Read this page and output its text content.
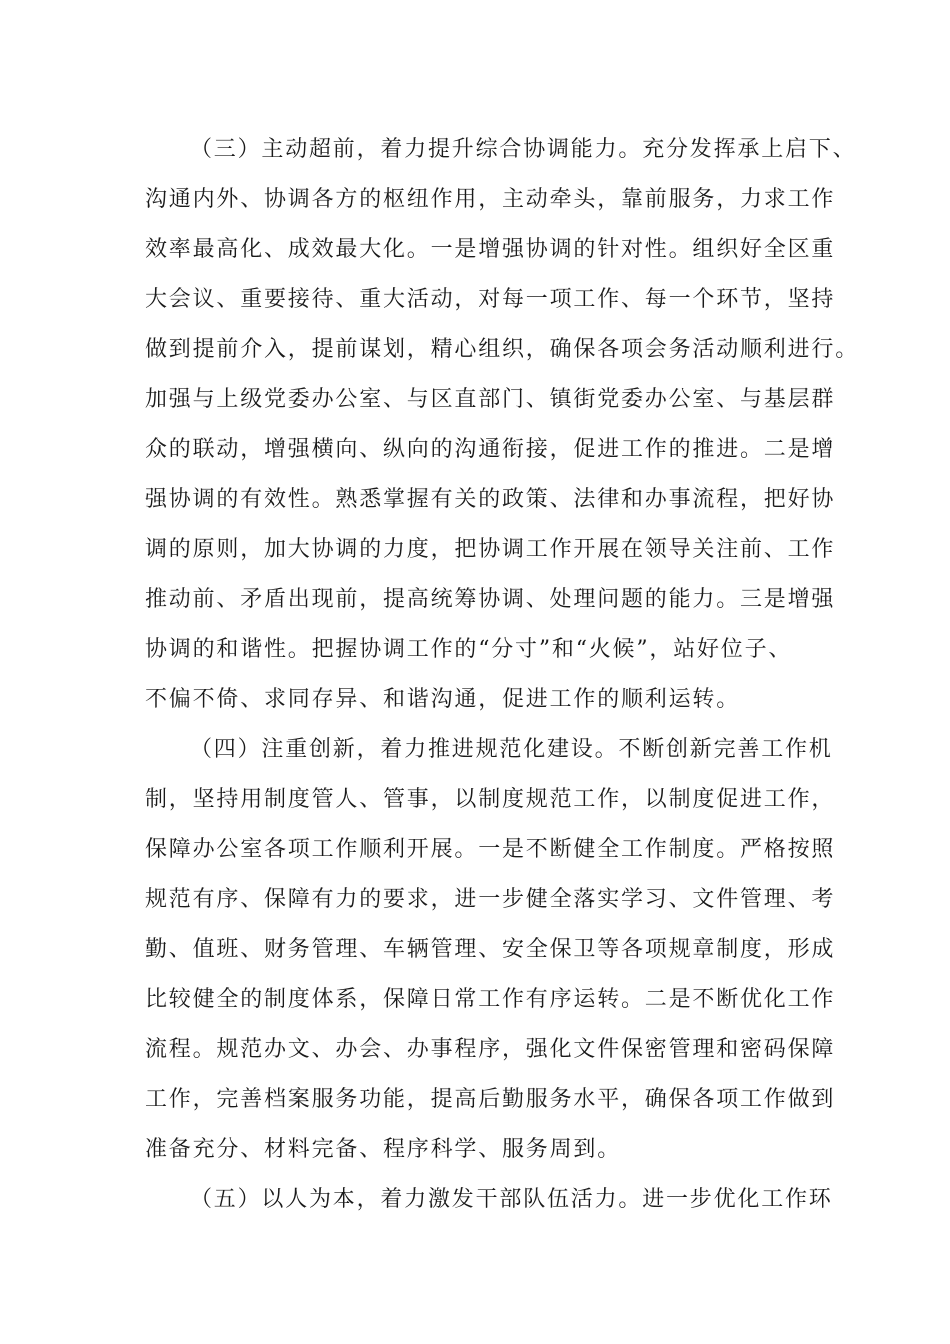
（三）主动超前，着力提升综合协调能力。充分发挥承上启下、
沟通内外、协调各方的枢纽作用，主动牵头，靠前服务，力求工作
效率最高化、成效最大化。一是增强协调的针对性。组织好全区重
大会议、重要接待、重大活动，对每一项工作、每一个环节，坚持
做到提前介入，提前谋划，精心组织，确保各项会务活动顺利进行。
加强与上级党委办公室、与区直部门、镇街党委办公室、与基层群
众的联动，增强横向、纵向的沟通衔接，促进工作的推进。二是增
强协调的有效性。熟悉掌握有关的政策、法律和办事流程，把好协
调的原则，加大协调的力度，把协调工作开展在领导关注前、工作
推动前、矛盾出现前，提高统筹协调、处理问题的能力。三是增强
协调的和谐性。把握协调工作的“分寸”和“火候”，站好位子、
不偏不倚、求同存异、和谐沟通，促进工作的顺利运转。
（四）注重创新，着力推进规范化建设。不断创新完善工作机
制，坚持用制度管人、管事，以制度规范工作，以制度促进工作，
保障办公室各项工作顺利开展。一是不断健全工作制度。严格按照
规范有序、保障有力的要求，进一步健全落实学习、文件管理、考
勤、值班、财务管理、车辆管理、安全保卫等各项规章制度，形成
比较健全的制度体系，保障日常工作有序运转。二是不断优化工作
流程。规范办文、办会、办事程序，强化文件保密管理和密码保障
工作，完善档案服务功能，提高后勤服务水平，确保各项工作做到
准备充分、材料完备、程序科学、服务周到。
（五）以人为本，着力激发干部队伍活力。进一步优化工作环
